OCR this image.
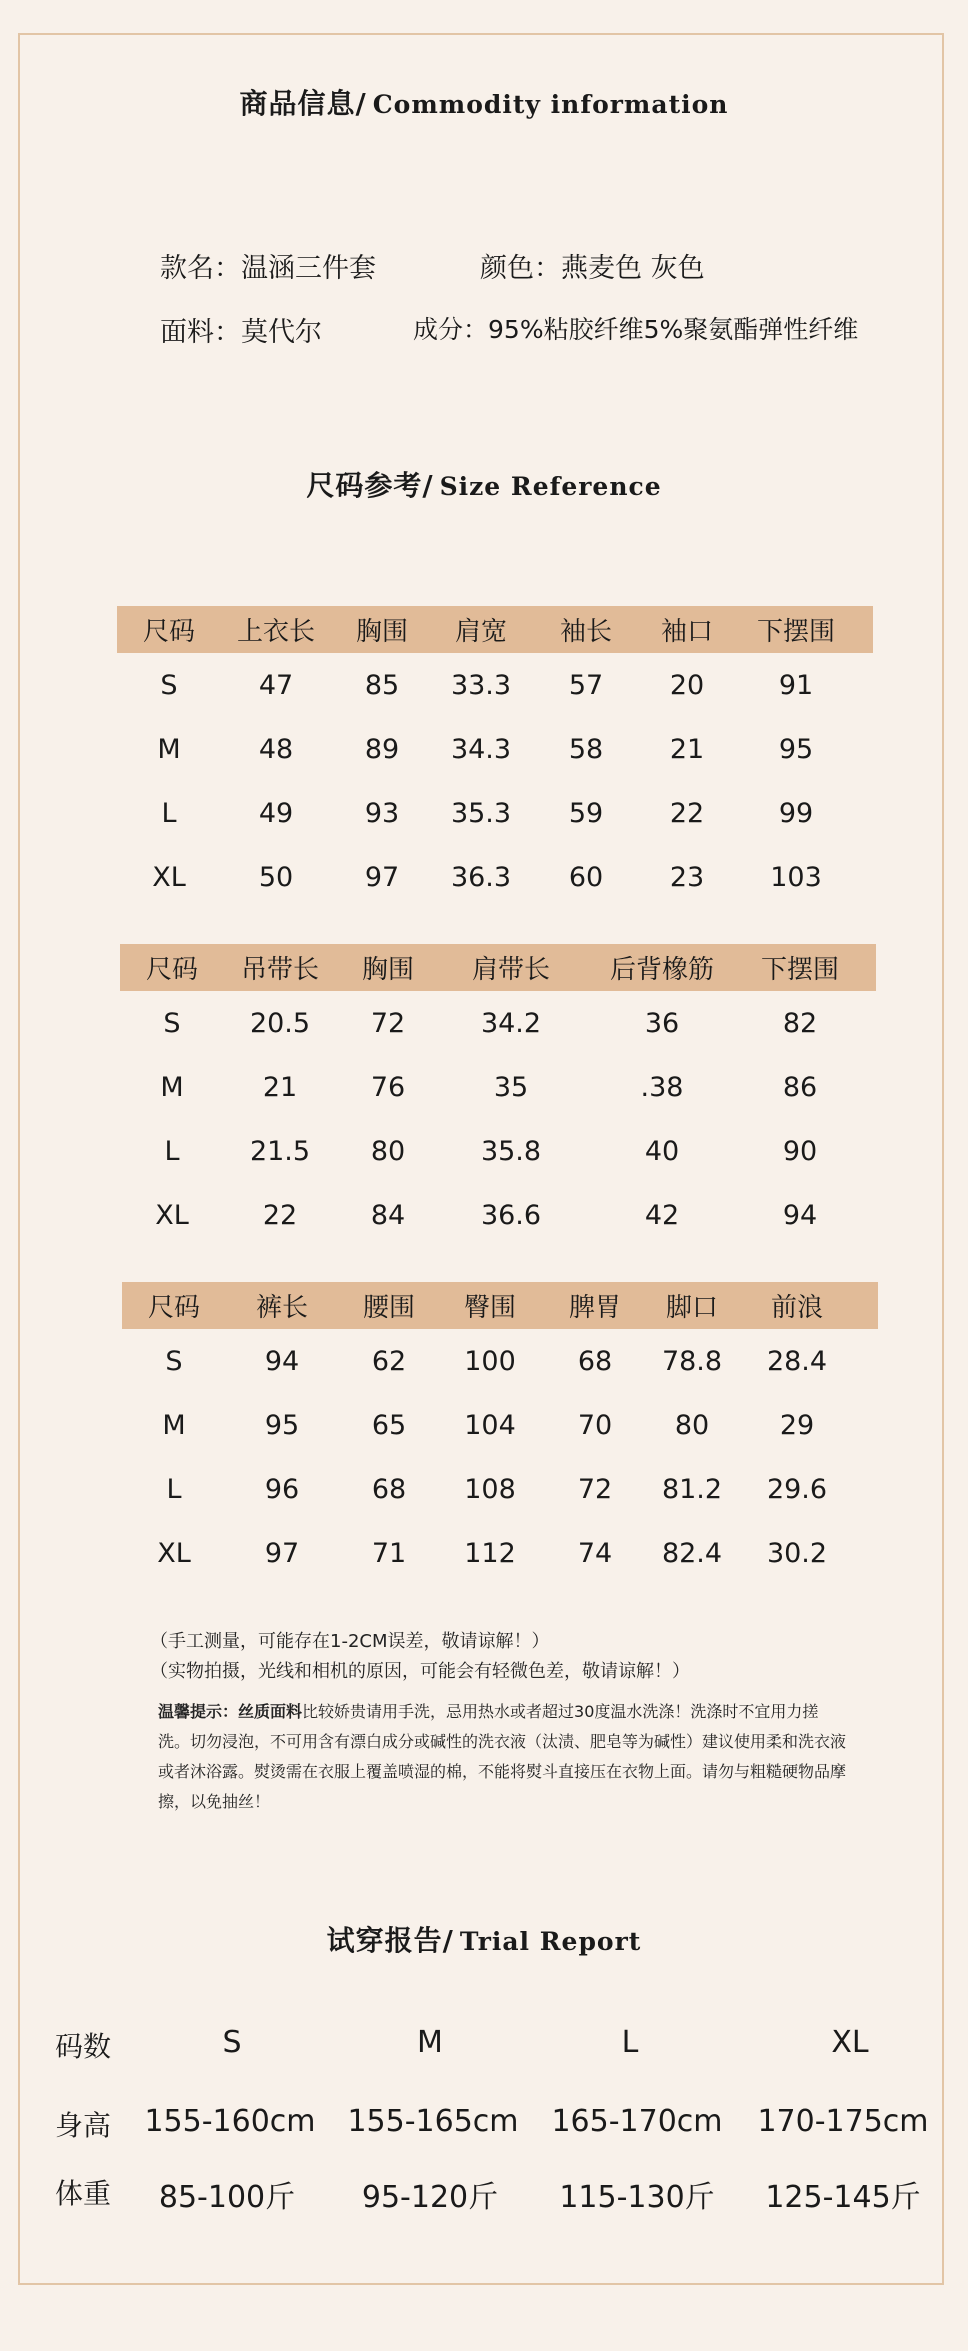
商品信息/ Commodity information
款名：温涵三件套	颜色：燕麦色 灰色
面料：莫代尔	成分：95%粘胶纤维5%聚氨酯弹性纤维
尺码参考/ Size Reference
尺码	上衣长	胸围	肩宽	袖长	袖口	下摆围
S	47	85	33.3	57	20	91
M	48	89	34.3	58	21	95
L	49	93	35.3	59	22	99
XL	50	97	36.3	60	23	103
尺码	吊带长	胸围	肩带长	后背橡筋	下摆围
S	20.5	72	34.2	36	82
M	21	76	35	.38	86
L	21.5	80	35.8	40	90
XL	22	84	36.6	42	94
尺码	裤长	腰围	臀围	脾胃	脚口	前浪
S	94	62	100	68	78.8	28.4
M	95	65	104	70	80	29
L	96	68	108	72	81.2	29.6
XL	97	71	112	74	82.4	30.2
（手工测量，可能存在1-2CM误差，敬请谅解！）
（实物拍摄，光线和相机的原因，可能会有轻微色差，敬请谅解！）
温馨提示：丝质面料比较娇贵请用手洗，忌用热水或者超过30度温水洗涤！洗涤时不宜用力搓洗。切勿浸泡，不可用含有漂白成分或碱性的洗衣液（汰渍、肥皂等为碱性）建议使用柔和洗衣液或者沐浴露。熨烫需在衣服上覆盖喷湿的棉，不能将熨斗直接压在衣物上面。请勿与粗糙硬物品摩擦，以免抽丝！
试穿报告/ Trial Report
码数	S	M	L	XL
身高	155-160cm	155-165cm	165-170cm	170-175cm
体重	85-100斤	95-120斤	115-130斤	125-145斤
